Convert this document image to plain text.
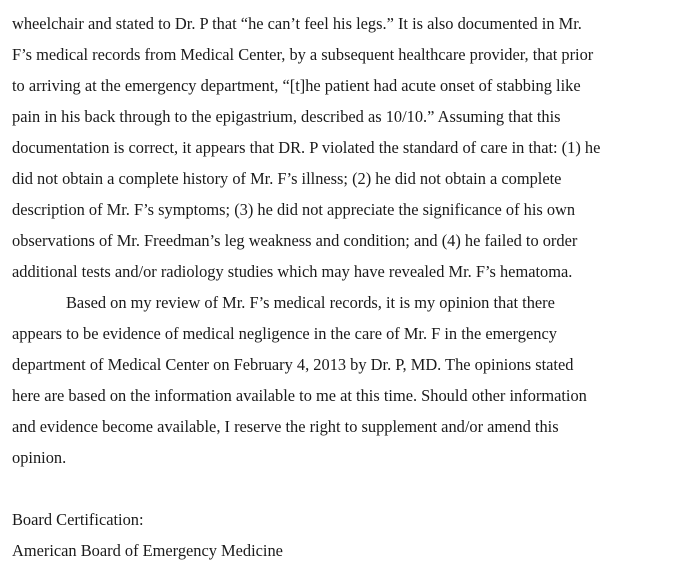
wheelchair and stated to Dr. P that “he can’t feel his legs.” It is also documented in Mr.
F’s medical records from Medical Center, by a subsequent healthcare provider, that prior
to arriving at the emergency department, “[t]he patient had acute onset of stabbing like
pain in his back through to the epigastrium, described as 10/10.” Assuming that this
documentation is correct, it appears that DR. P violated the standard of care in that: (1) he
did not obtain a complete history of Mr. F’s illness; (2) he did not obtain a complete
description of Mr. F’s symptoms; (3) he did not appreciate the significance of his own
observations of Mr. Freedman’s leg weakness and condition; and (4) he failed to order
additional tests and/or radiology studies which may have revealed Mr. F’s hematoma.
Based on my review of Mr. F’s medical records, it is my opinion that there
appears to be evidence of medical negligence in the care of Mr. F in the emergency
department of Medical Center on February 4, 2013 by Dr. P, MD. The opinions stated
here are based on the information available to me at this time. Should other information
and evidence become available, I reserve the right to supplement and/or amend this
opinion.
Board Certification:
American Board of Emergency Medicine
